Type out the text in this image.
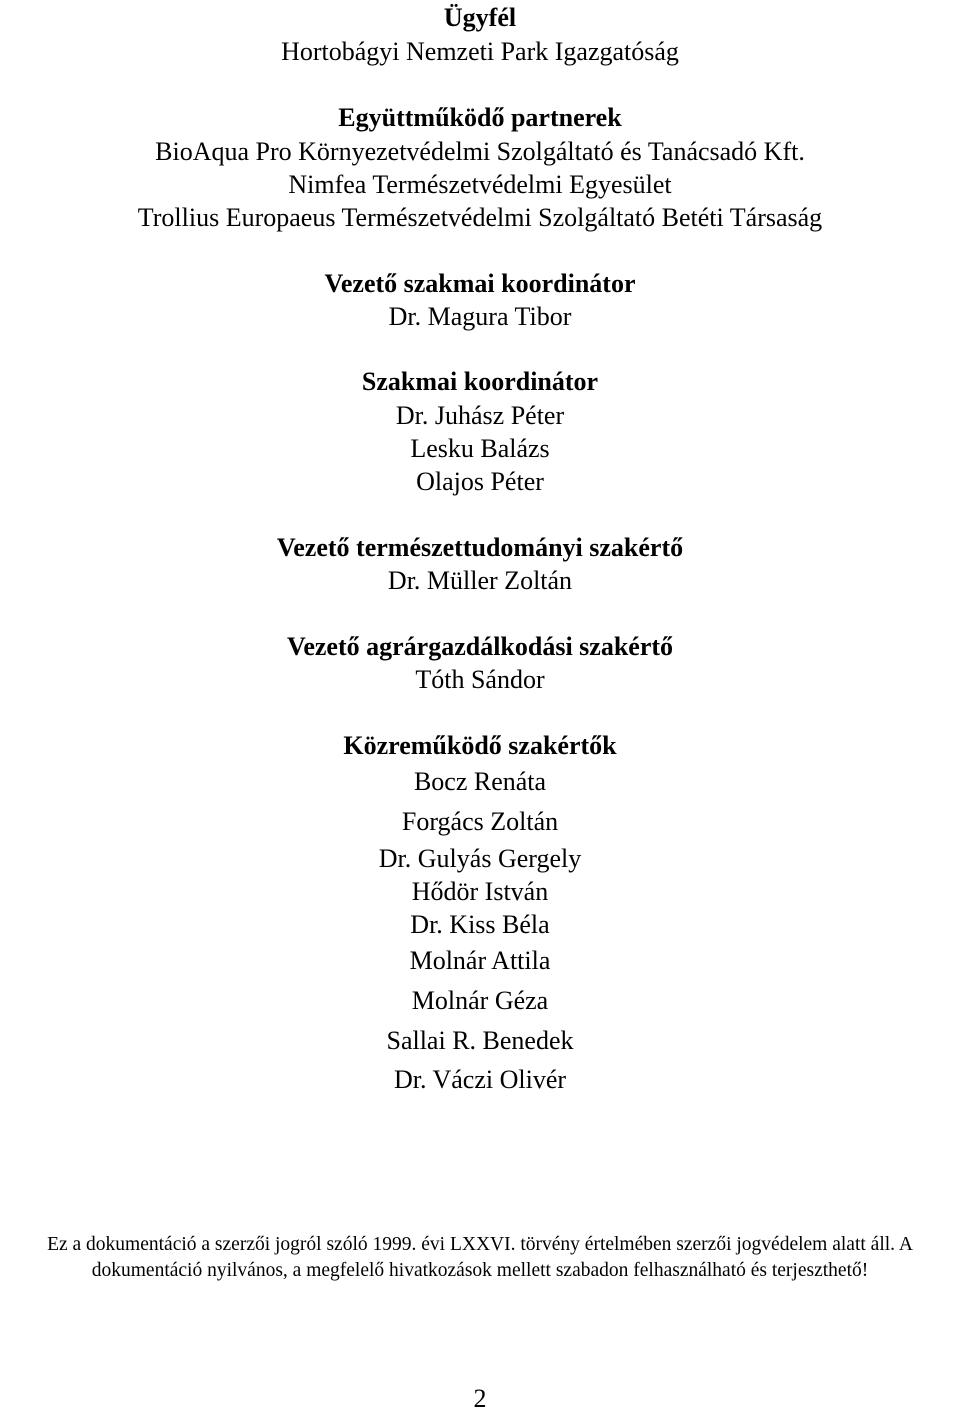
Ügyfél
Hortobágyi Nemzeti Park Igazgatóság
Együttműködő partnerek
BioAqua Pro Környezetvédelmi Szolgáltató és Tanácsadó Kft.
Nimfea Természetvédelmi Egyesület
Trollius Europaeus Természetvédelmi Szolgáltató Betéti Társaság
Vezető szakmai koordinátor
Dr. Magura Tibor
Szakmai koordinátor
Dr. Juhász Péter
Lesku Balázs
Olajos Péter
Vezető természettudományi szakértő
Dr. Müller Zoltán
Vezető agrárgazdálkodási szakértő
Tóth Sándor
Közreműködő szakértők
Bocz Renáta
Forgács Zoltán
Dr. Gulyás Gergely
Hődör István
Dr. Kiss Béla
Molnár Attila
Molnár Géza
Sallai R. Benedek
Dr. Váczi Olivér
Ez a dokumentáció a szerzői jogról szóló 1999. évi LXXVI. törvény értelmében szerzői jogvédelem alatt áll. A
dokumentáció nyilvános, a megfelelő hivatkozások mellett szabadon felhasználható és terjeszthető!
2
